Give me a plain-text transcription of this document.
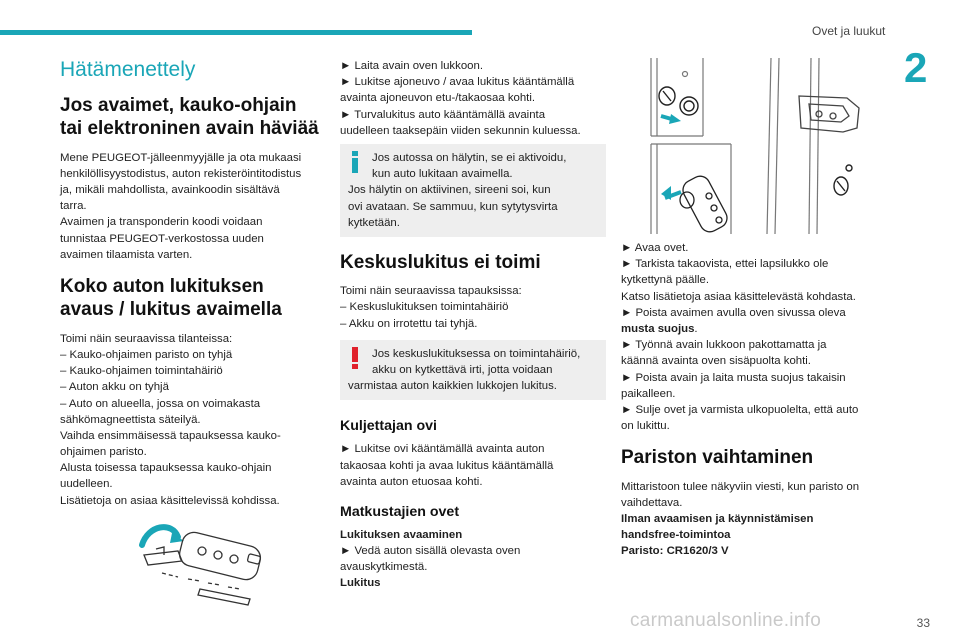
Ovet ja luukut
2
Hätämenettely
Jos avaimet, kauko-ohjain
tai elektroninen avain häviää

Mene PEUGEOT-jälleenmyyjälle ja ota mukaasi
henkilöllisyystodistus, auton rekisteröintitodistus
ja, mikäli mahdollista, avainkoodin sisältävä
tarra.
Avaimen ja transponderin koodi voidaan
tunnistaa PEUGEOT-verkostossa uuden
avaimen tilaamista varten.

Koko auton lukituksen
avaus / lukitus avaimella

Toimi näin seuraavissa tilanteissa:
– Kauko-ohjaimen paristo on tyhjä
– Kauko-ohjaimen toimintahäiriö
– Auton akku on tyhjä
– Auto on alueella, jossa on voimakasta
sähkömagneettista säteilyä.
Vaihda ensimmäisessä tapauksessa kauko-
ohjaimen paristo.
Alusta toisessa tapauksessa kauko-ohjain
uudelleen.
Lisätietoja on asiaa käsittelevissä kohdissa.

► Laita avain oven lukkoon.
► Lukitse ajoneuvo / avaa lukitus kääntämällä
avainta ajoneuvon etu-/takaosaa kohti.
► Turvalukitus auto kääntämällä avainta
uudelleen taaksepäin viiden sekunnin kuluessa.

Jos autossa on hälytin, se ei aktivoidu,
kun auto lukitaan avaimella.
Jos hälytin on aktiivinen, sireeni soi, kun
ovi avataan. Se sammuu, kun sytytysvirta
kytketään.
Keskuslukitus ei toimi

Toimi näin seuraavissa tapauksissa:
– Keskuslukituksen toimintahäiriö
– Akku on irrotettu tai tyhjä.

Jos keskuslukituksessa on toimintahäiriö,
akku on kytkettävä irti, jotta voidaan
varmistaa auton kaikkien lukkojen lukitus.
Kuljettajan ovi

► Lukitse ovi kääntämällä avainta auton
takaosaa kohti ja avaa lukitus kääntämällä
avainta auton etuosaa kohti.

Matkustajien ovet

Lukituksen avaaminen
► Vedä auton sisällä olevasta oven
avauskytkimestä.
Lukitus

► Avaa ovet.
► Tarkista takaovista, ettei lapsilukko ole
kytkettynä päälle.
Katso lisätietoja asiaa käsittelevästä kohdasta.
► Poista avaimen avulla oven sivussa oleva
musta suojus.
► Työnnä avain lukkoon pakottamatta ja
käännä avainta oven sisäpuolta kohti.
► Poista avain ja laita musta suojus takaisin
paikalleen.
► Sulje ovet ja varmista ulkopuolelta, että auto
on lukittu.

Pariston vaihtaminen

Mittaristoon tulee näkyviin viesti, kun paristo on
vaihdettava.
Ilman avaamisen ja käynnistämisen
handsfree-toimintoa
Paristo: CR1620/3 V

carmanualsonline.info	33
